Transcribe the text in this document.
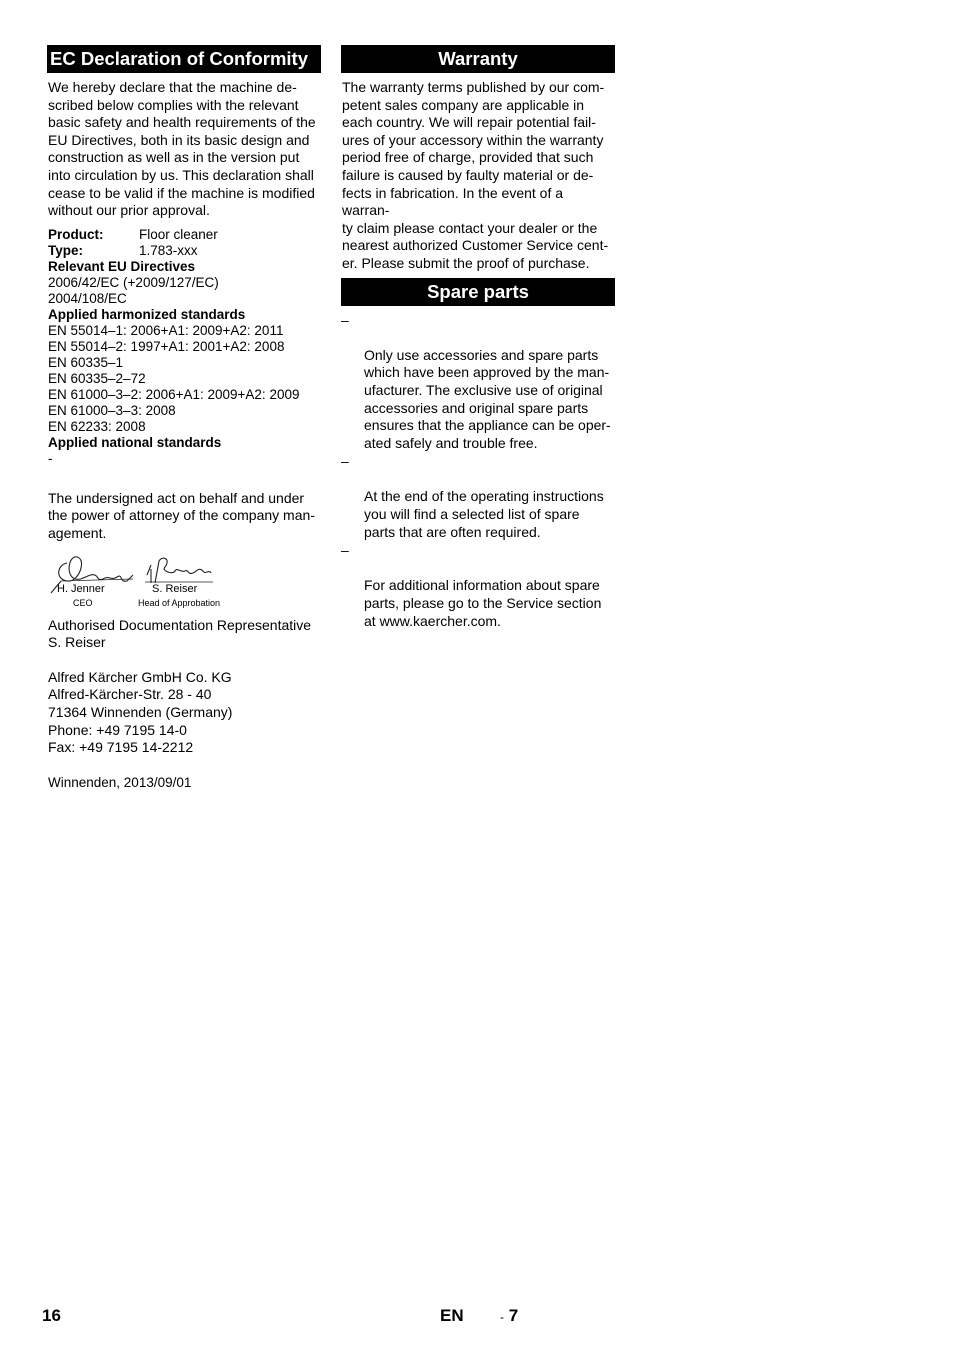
EC Declaration of Conformity
We hereby declare that the machine de-
scribed below complies with the relevant
basic safety and health requirements of the
EU Directives, both in its basic design and
construction as well as in the version put
into circulation by us. This declaration shall
cease to be valid if the machine is modified
without our prior approval.
Product:	Floor cleaner
Type:	1.783-xxx
Relevant EU Directives
2006/42/EC (+2009/127/EC)
2004/108/EC
Applied harmonized standards
EN 55014–1: 2006+A1: 2009+A2: 2011
EN 55014–2: 1997+A1: 2001+A2: 2008
EN 60335–1
EN 60335–2–72
EN 61000–3–2: 2006+A1: 2009+A2: 2009
EN 61000–3–3: 2008
EN 62233: 2008
Applied national standards
-
The undersigned act on behalf and under
the power of attorney of the company man-
agement.
H. Jenner
CEO
S. Reiser
Head of Approbation
Authorised Documentation Representative
S. Reiser
Alfred Kärcher GmbH Co. KG
Alfred-Kärcher-Str. 28 - 40
71364 Winnenden (Germany)
Phone: +49 7195 14-0
Fax: +49 7195 14-2212
Winnenden, 2013/09/01
Warranty
The warranty terms published by our com-
petent sales company are applicable in
each country. We will repair potential fail-
ures of your accessory within the warranty
period free of charge, provided that such
failure is caused by faulty material or de-
fects in fabrication. In the event of a warran-
ty claim please contact your dealer or the
nearest authorized Customer Service cent-
er. Please submit the proof of purchase.
Spare parts

–

Only use accessories and spare parts
which have been approved by the man-
ufacturer. The exclusive use of original
accessories and original spare parts
ensures that the appliance can be oper-
ated safely and trouble free.

–

At the end of the operating instructions
you will find a selected list of spare
parts that are often required.

–

For additional information about spare
parts, please go to the Service section
at www.kaercher.com.

16	EN	- 7
